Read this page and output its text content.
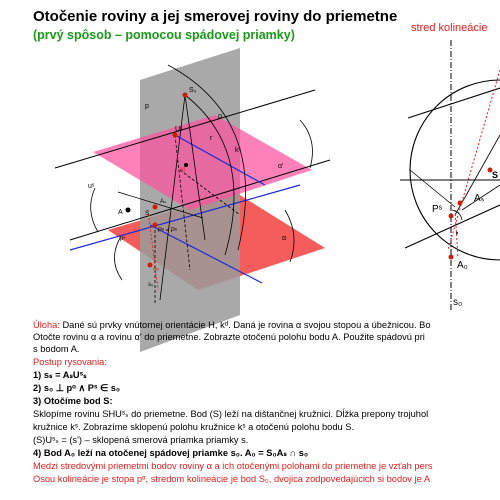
Otočenie roviny a jej smerovej roviny do priemetne
(prvý spôsob – pomocou spádovej priamky)	stred kolineácie
S₀
Uˢ
H
kˢ
r
α'
uˢ
A
Aₛ
Pˢ = Pˢ
α
p
A₀
s₀
pˢ
S
ρ
S
Aₛ
Pˢ
A₀
s₀
Úloha: Dané sú prvky vnútornej orientácie H, kᵈ. Daná je rovina α svojou stopou a úbežnicou. Bo
Otočte rovinu α a rovinu α' do priemetne. Zobrazte otočenú polohu bodu A. Použite spádovú pri
s bodom A.
Postup rysovania:
1) sₛ = AₛUˢₛ
2) s₀ ⊥ pᵅ ∧ Pˢ ∈ s₀
3) Otočíme bod S:
Sklopíme rovinu SHUˢₛ do priemetne. Bod (S) leží na dištančnej kružnici. Dĺžka prepony trojuhol
kružnice kˢ. Zobrazíme sklopenú polohu kružnice kˢ a otočenú polohu bodu S.
(S)Uˢₛ = (s') – sklopená smerová priamka priamky s.
4) Bod A₀ leží na otočenej spádovej priamke s₀. A₀ = S₀Aₛ ∩ s₀
Medzi stredovými priemetmi bodov roviny α a ich otočenými polohami do priemetne je vzťah pers
Osou kolineácie je stopa pᵅ, stredom kolineácie je bod S₀, dvojica zodpovedajúcich si bodov je A
